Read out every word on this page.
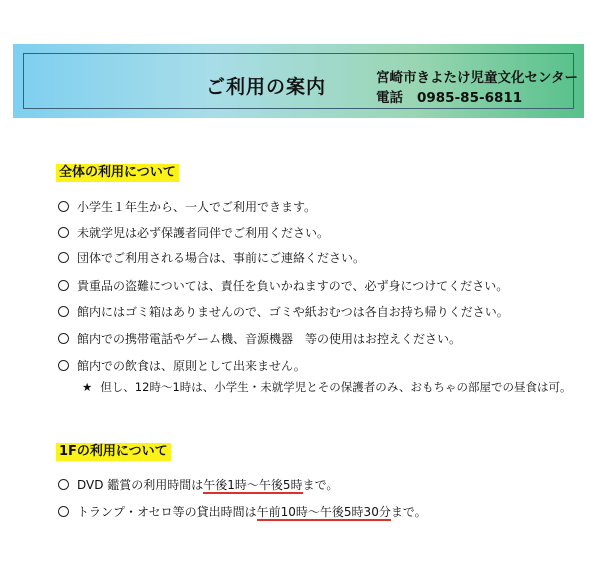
ご利用の案内	宮崎市きよたけ児童文化センター
電話 0985-85-6811
全体の利用について
小学生１年生から、一人でご利用できます。
未就学児は必ず保護者同伴でご利用ください。
団体でご利用される場合は、事前にご連絡ください。
貴重品の盗難については、責任を負いかねますので、必ず身につけてください。
館内にはゴミ箱はありませんので、ゴミや紙おむつは各自お持ち帰りください。
館内での携帯電話やゲーム機、音源機器　等の使用はお控えください。
館内での飲食は、原則として出来ません。
★ 但し、12時～1時は、小学生・未就学児とその保護者のみ、おもちゃの部屋での昼食は可。
1Fの利用について
DVD 鑑賞の利用時間は午後1時～午後5時まで。
トランプ・オセロ等の貸出時間は午前10時～午後5時30分まで。
